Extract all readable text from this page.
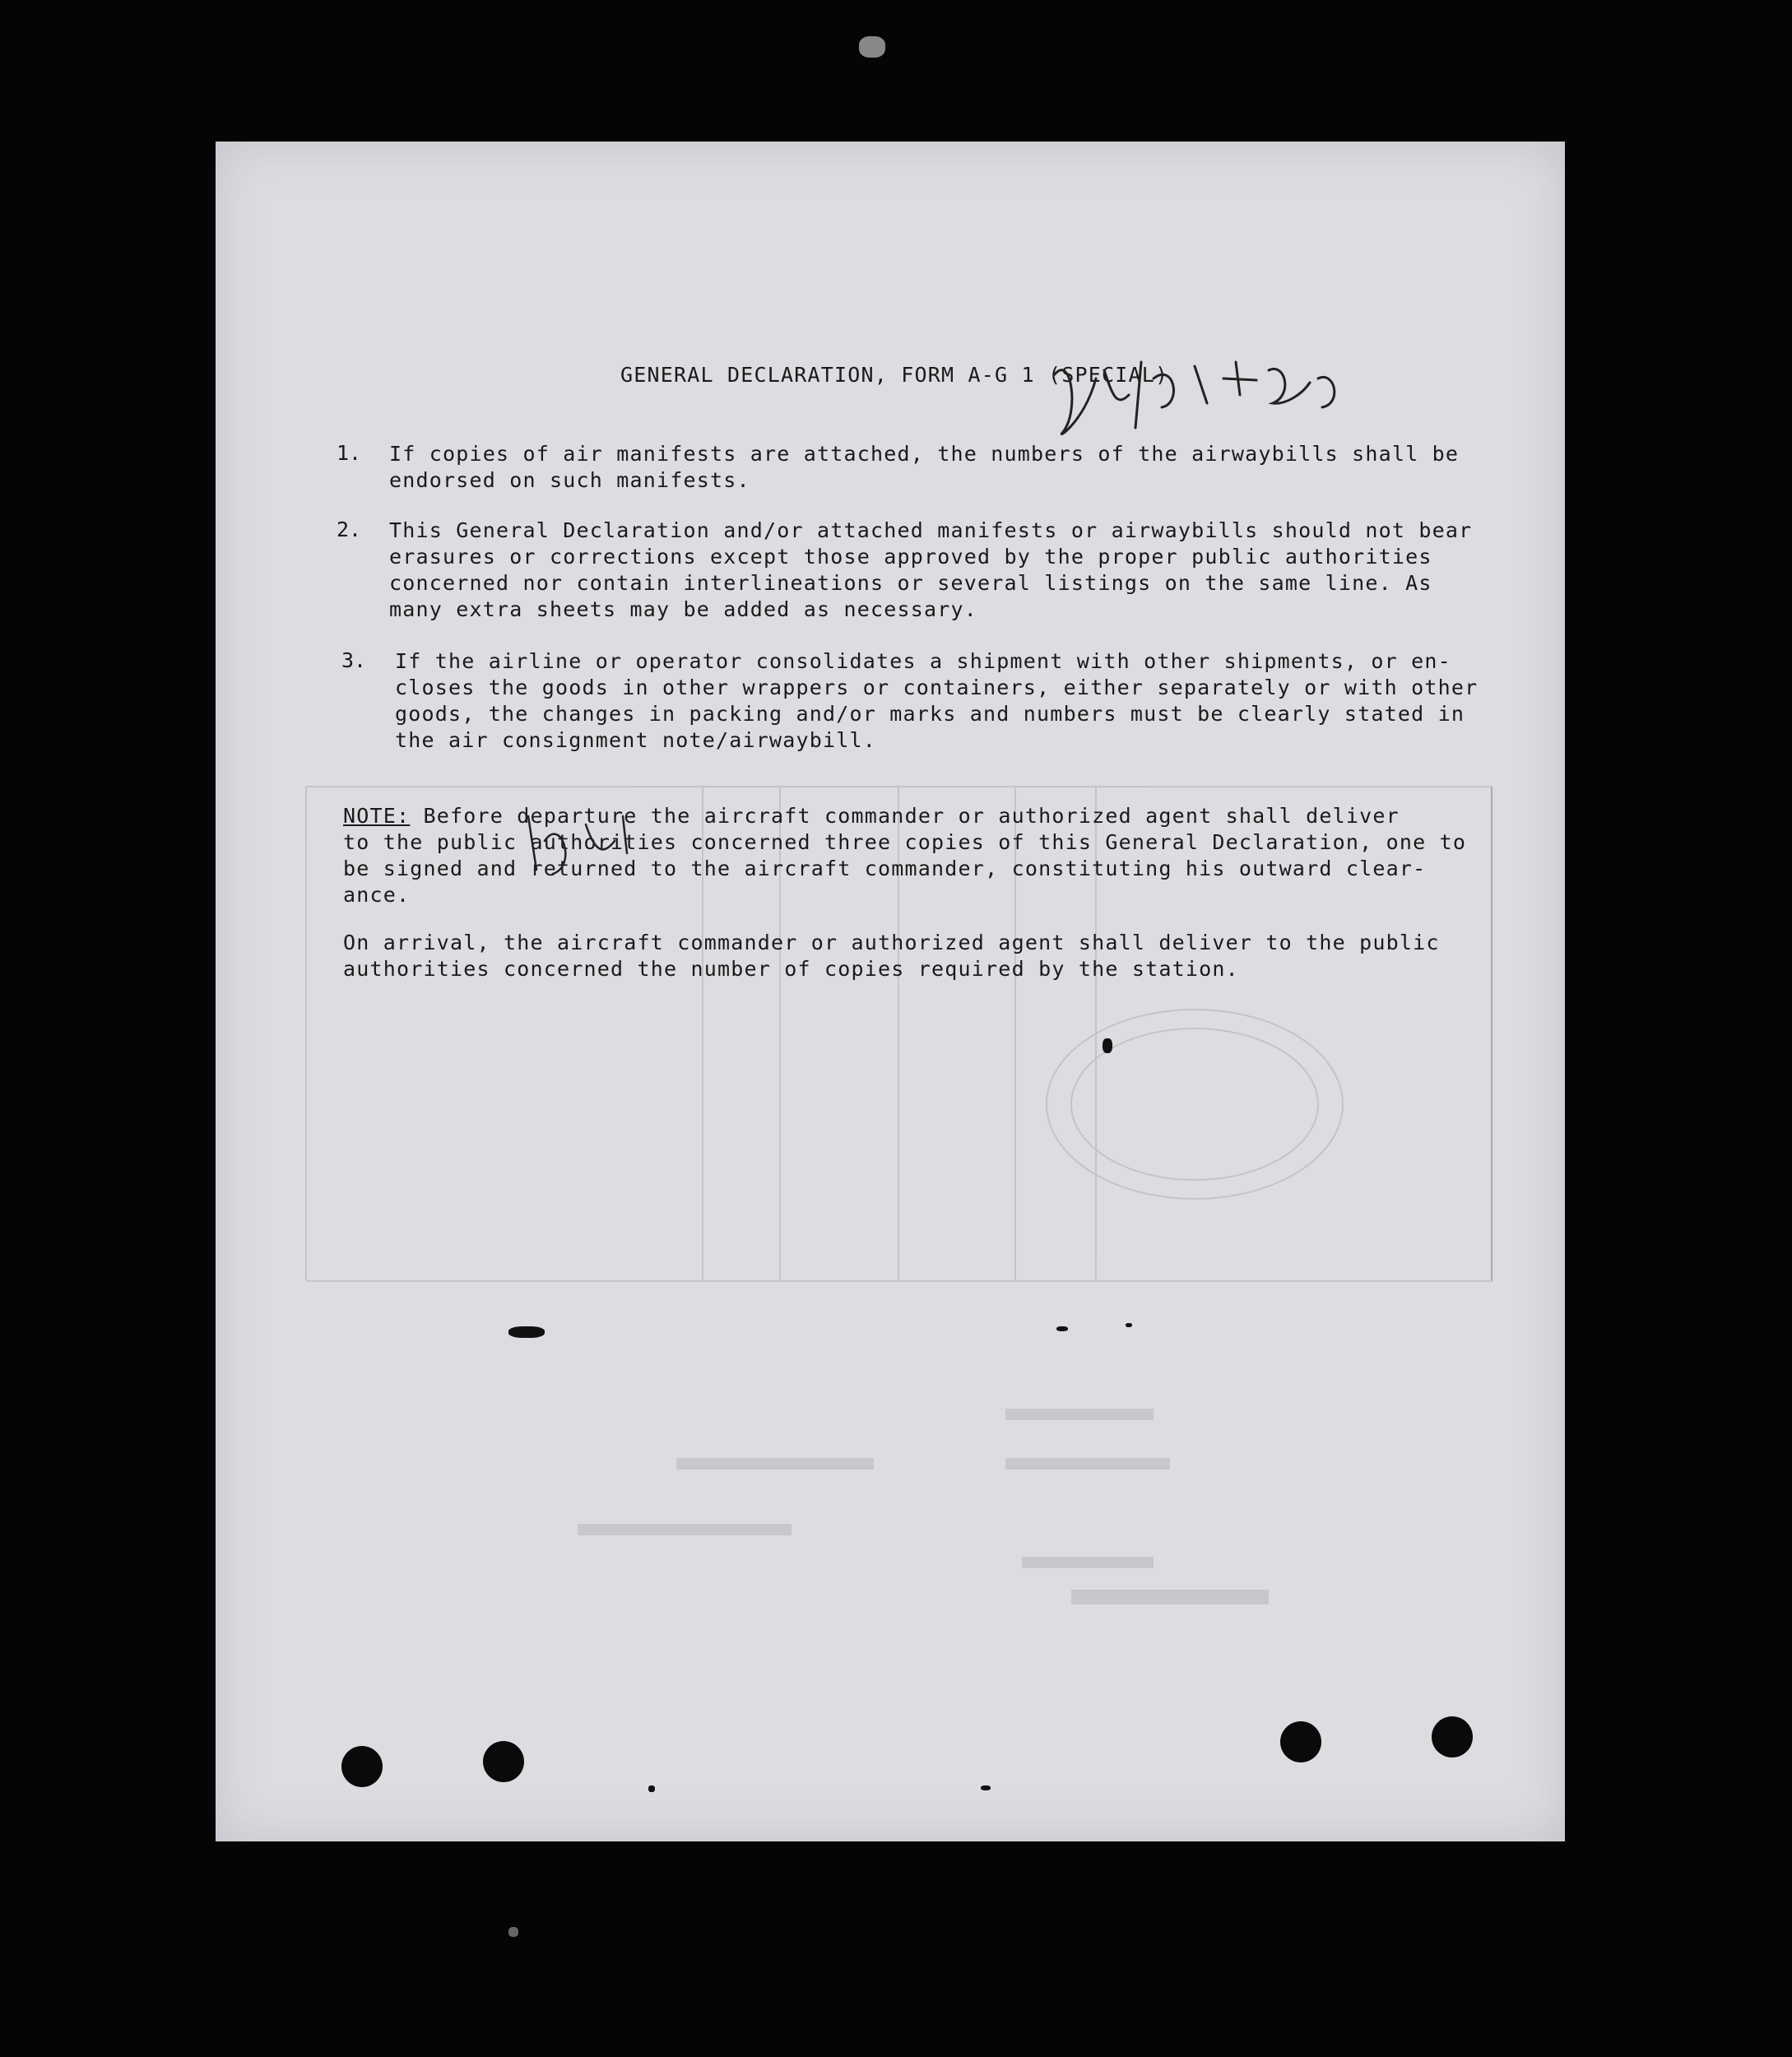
GENERAL DECLARATION, FORM A-G 1 (SPECIAL)

1. If copies of air manifests are attached, the numbers of the airwaybills shall be
endorsed on such manifests.
2. This General Declaration and/or attached manifests or airwaybills should not bear
erasures or corrections except those approved by the proper public authorities
concerned nor contain interlineations or several listings on the same line. As
many extra sheets may be added as necessary.
3. If the airline or operator consolidates a shipment with other shipments, or en-
closes the goods in other wrappers or containers, either separately or with other
goods, the changes in packing and/or marks and numbers must be clearly stated in
the air consignment note/airwaybill.
NOTE: Before departure the aircraft commander or authorized agent shall deliver
to the public authorities concerned three copies of this General Declaration, one to
be signed and returned to the aircraft commander, constituting his outward clear-
ance.
On arrival, the aircraft commander or authorized agent shall deliver to the public
authorities concerned the number of copies required by the station.
